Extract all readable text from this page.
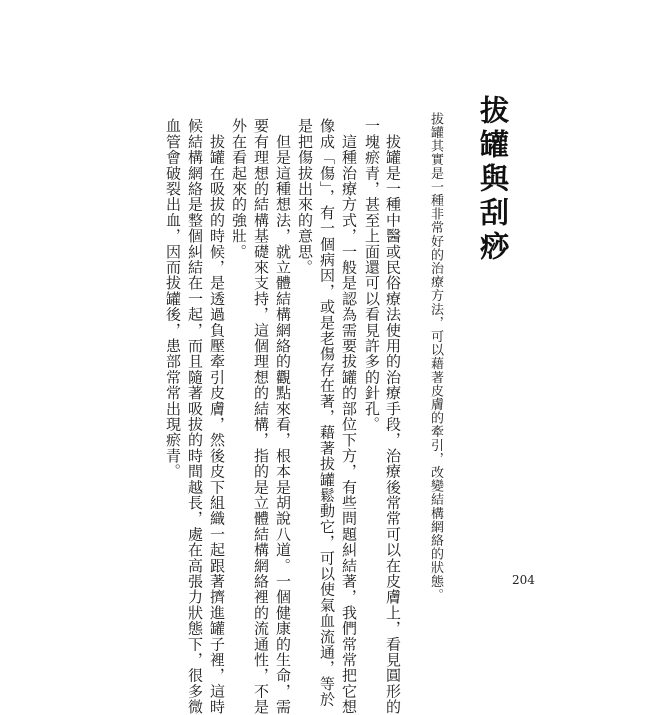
拔罐與刮痧
拔罐其實是一種非常好的治療方法，可以藉著皮膚的牽引，改變結構網絡的狀態。
　拔罐是一種中醫或民俗療法使用的治療手段，治療後常常可以在皮膚上，看見圓形的
一塊瘀青，甚至上面還可以看見許多的針孔。
　這種治療方式，一般是認為需要拔罐的部位下方，有些問題糾結著，我們常常把它想
像成「傷」，有一個病因，或是老傷存在著，藉著拔罐鬆動它，可以使氣血流通，等於
是把傷拔出來的意思。
　但是這種想法，就立體結構網絡的觀點來看，根本是胡說八道。一個健康的生命，需
要有理想的結構基礎來支持，這個理想的結構，指的是立體結構網絡裡的流通性，不是
外在看起來的強壯。
　拔罐在吸拔的時候，是透過負壓牽引皮膚，然後皮下組織一起跟著擠進罐子裡，這時
候結構網絡是整個糾結在一起，而且隨著吸拔的時間越長，處在高張力狀態下，很多微
血管會破裂出血，因而拔罐後，患部常常出現瘀青。
204
